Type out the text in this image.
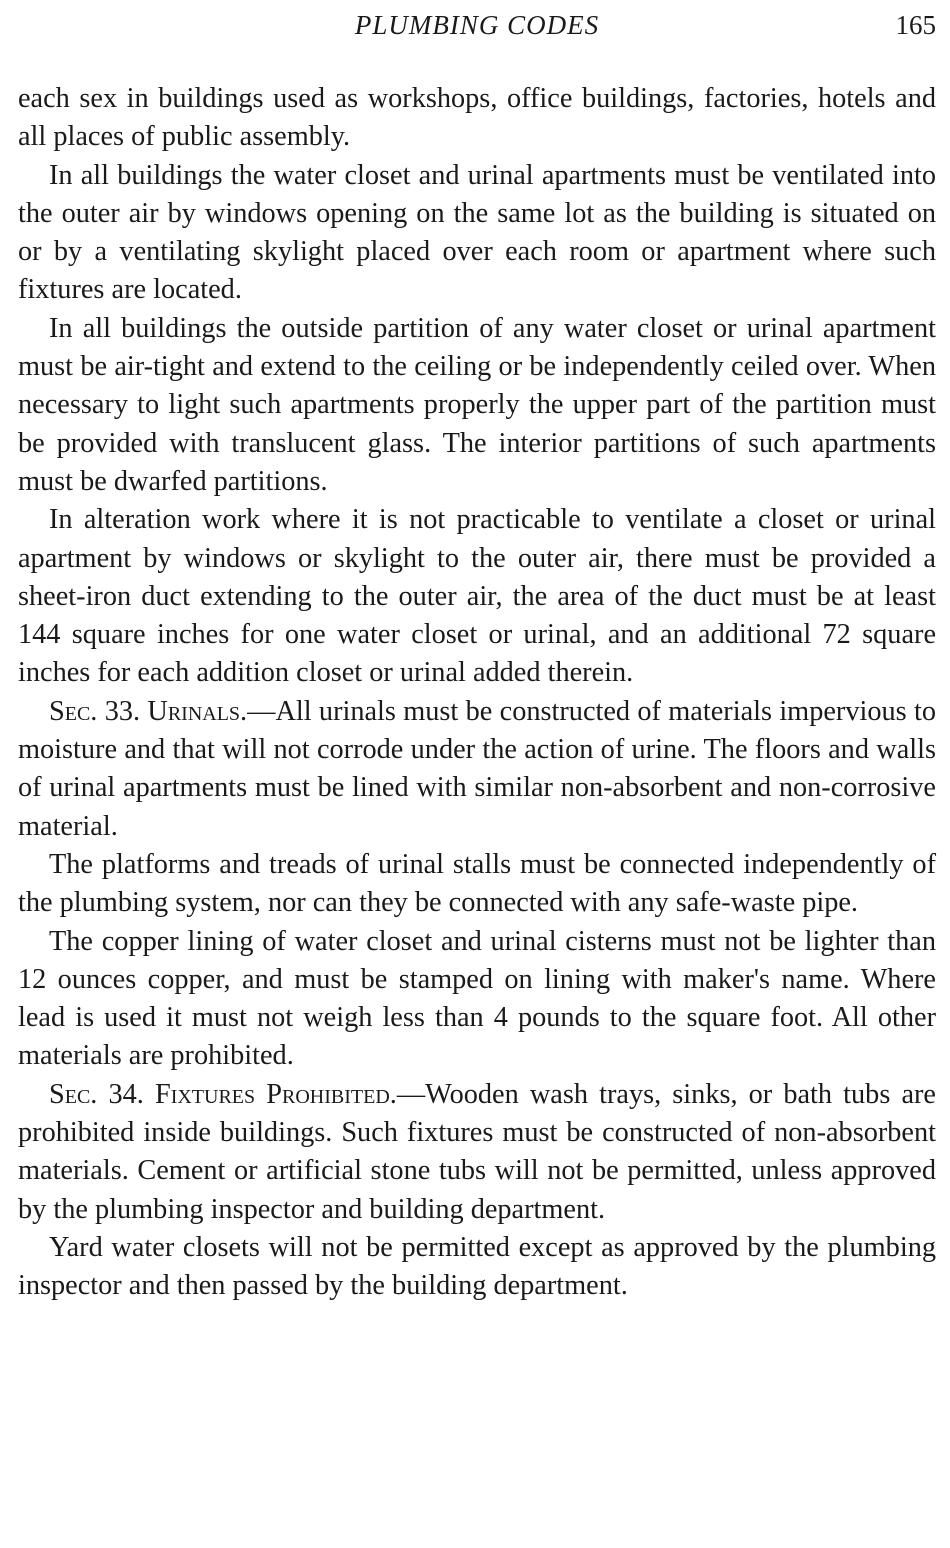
PLUMBING CODES	165

each sex in buildings used as workshops, office buildings, factories, hotels and all places of public assembly.

In all buildings the water closet and urinal apartments must be ventilated into the outer air by windows opening on the same lot as the building is situated on or by a ventilating skylight placed over each room or apartment where such fixtures are located.

In all buildings the outside partition of any water closet or urinal apartment must be air-tight and extend to the ceiling or be independently ceiled over. When necessary to light such apartments properly the upper part of the partition must be provided with translucent glass. The interior partitions of such apartments must be dwarfed partitions.

In alteration work where it is not practicable to ventilate a closet or urinal apartment by windows or skylight to the outer air, there must be provided a sheet-iron duct extending to the outer air, the area of the duct must be at least 144 square inches for one water closet or urinal, and an additional 72 square inches for each addition closet or urinal added therein.

Sec. 33. Urinals.—All urinals must be constructed of materials impervious to moisture and that will not corrode under the action of urine. The floors and walls of urinal apartments must be lined with similar non-absorbent and non-corrosive material.

The platforms and treads of urinal stalls must be connected independently of the plumbing system, nor can they be connected with any safe-waste pipe.

The copper lining of water closet and urinal cisterns must not be lighter than 12 ounces copper, and must be stamped on lining with maker's name. Where lead is used it must not weigh less than 4 pounds to the square foot. All other materials are prohibited.

Sec. 34. Fixtures Prohibited.—Wooden wash trays, sinks, or bath tubs are prohibited inside buildings. Such fixtures must be constructed of non-absorbent materials. Cement or artificial stone tubs will not be permitted, unless approved by the plumbing inspector and building department.

Yard water closets will not be permitted except as approved by the plumbing inspector and then passed by the building department.
